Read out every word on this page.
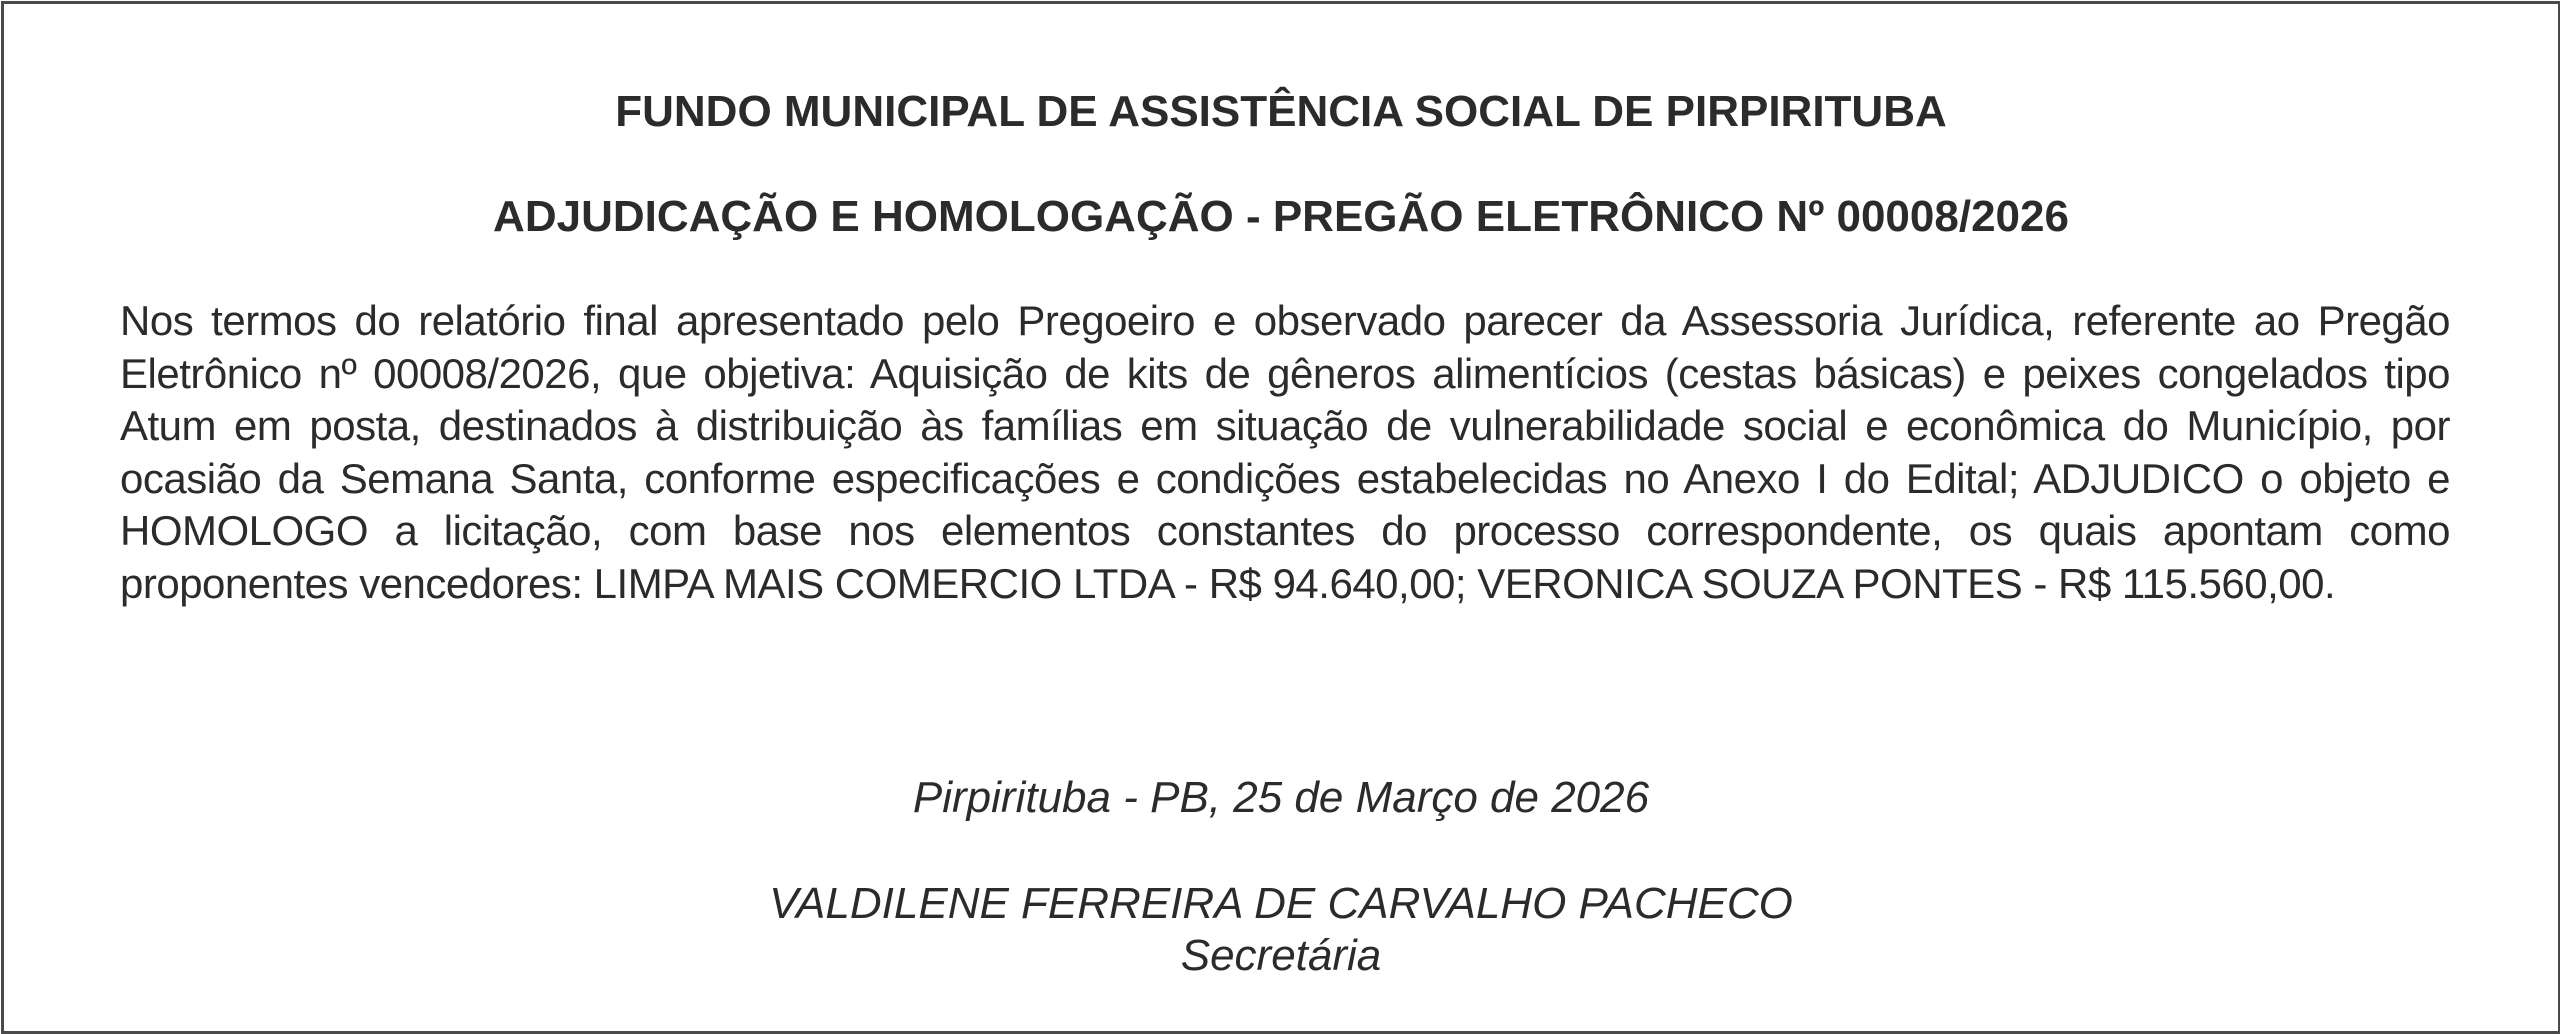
FUNDO MUNICIPAL DE ASSISTÊNCIA SOCIAL DE PIRPIRITUBA
ADJUDICAÇÃO E HOMOLOGAÇÃO - PREGÃO ELETRÔNICO Nº 00008/2026
Nos termos do relatório final apresentado pelo Pregoeiro e observado parecer da Assessoria Jurídica, referente ao Pregão Eletrônico nº 00008/2026, que objetiva: Aquisição de kits de gêneros alimentícios (cestas básicas) e peixes congelados tipo Atum em posta, destinados à distribuição às famílias em situação de vulnerabilidade social e econômica do Município, por ocasião da Semana Santa, conforme especificações e condições estabelecidas no Anexo I do Edital; ADJUDICO o objeto e HOMOLOGO a licitação, com base nos elementos constantes do processo correspondente, os quais apontam como proponentes vencedores: LIMPA MAIS COMERCIO LTDA - R$ 94.640,00; VERONICA SOUZA PONTES - R$ 115.560,00.
Pirpirituba - PB, 25 de Março de 2026
VALDILENE FERREIRA DE CARVALHO PACHECO
Secretária
